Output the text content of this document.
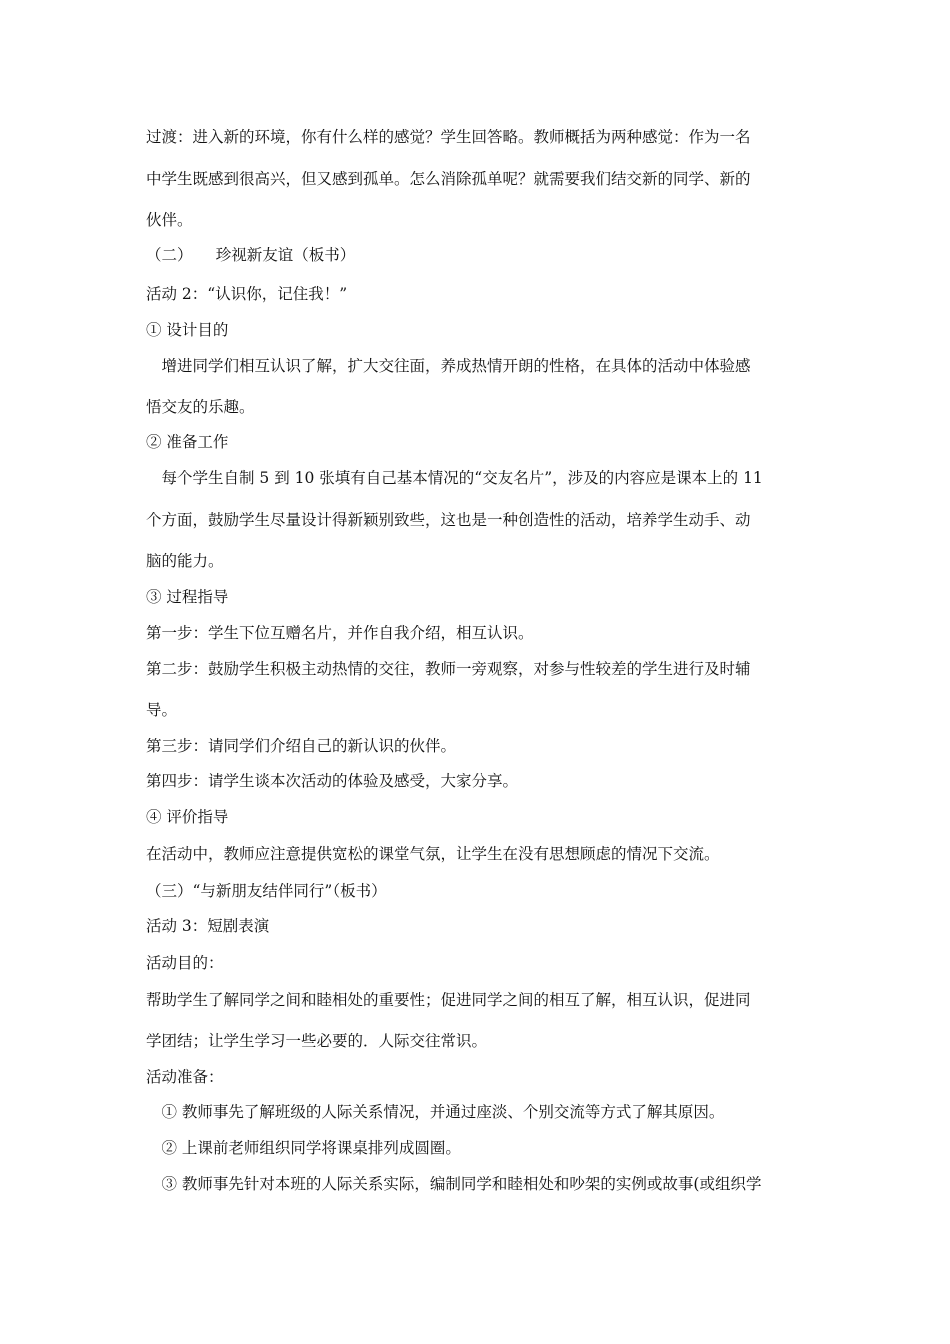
过渡：进入新的环境，你有什么样的感觉？学生回答略。教师概括为两种感觉：作为一名
中学生既感到很高兴，但又感到孤单。怎么消除孤单呢？就需要我们结交新的同学、新的
伙伴。
（二）　　珍视新友谊（板书）
活动 2：“认识你，记住我！”
① 设计目的
　增进同学们相互认识了解，扩大交往面，养成热情开朗的性格，在具体的活动中体验感
悟交友的乐趣。
② 准备工作
　每个学生自制 5 到 10 张填有自己基本情况的“交友名片”，涉及的内容应是课本上的 11
个方面，鼓励学生尽量设计得新颖别致些，这也是一种创造性的活动，培养学生动手、动
脑的能力。
③ 过程指导
第一步：学生下位互赠名片，并作自我介绍，相互认识。
第二步：鼓励学生积极主动热情的交往，教师一旁观察，对参与性较差的学生进行及时辅
导。
第三步：请同学们介绍自己的新认识的伙伴。
第四步：请学生谈本次活动的体验及感受，大家分享。
④ 评价指导
在活动中，教师应注意提供宽松的课堂气氛，让学生在没有思想顾虑的情况下交流。
（三）“与新朋友结伴同行”（板书）
活动 3：短剧表演
活动目的：
帮助学生了解同学之间和睦相处的重要性；促进同学之间的相互了解，相互认识，促进同
学团结；让学生学习一些必要的．人际交往常识。
活动准备：
　① 教师事先了解班级的人际关系情况，并通过座淡、个别交流等方式了解其原因。
　② 上课前老师组织同学将课桌排列成圆圈。
　③ 教师事先针对本班的人际关系实际，编制同学和睦相处和吵架的实例或故事(或组织学
